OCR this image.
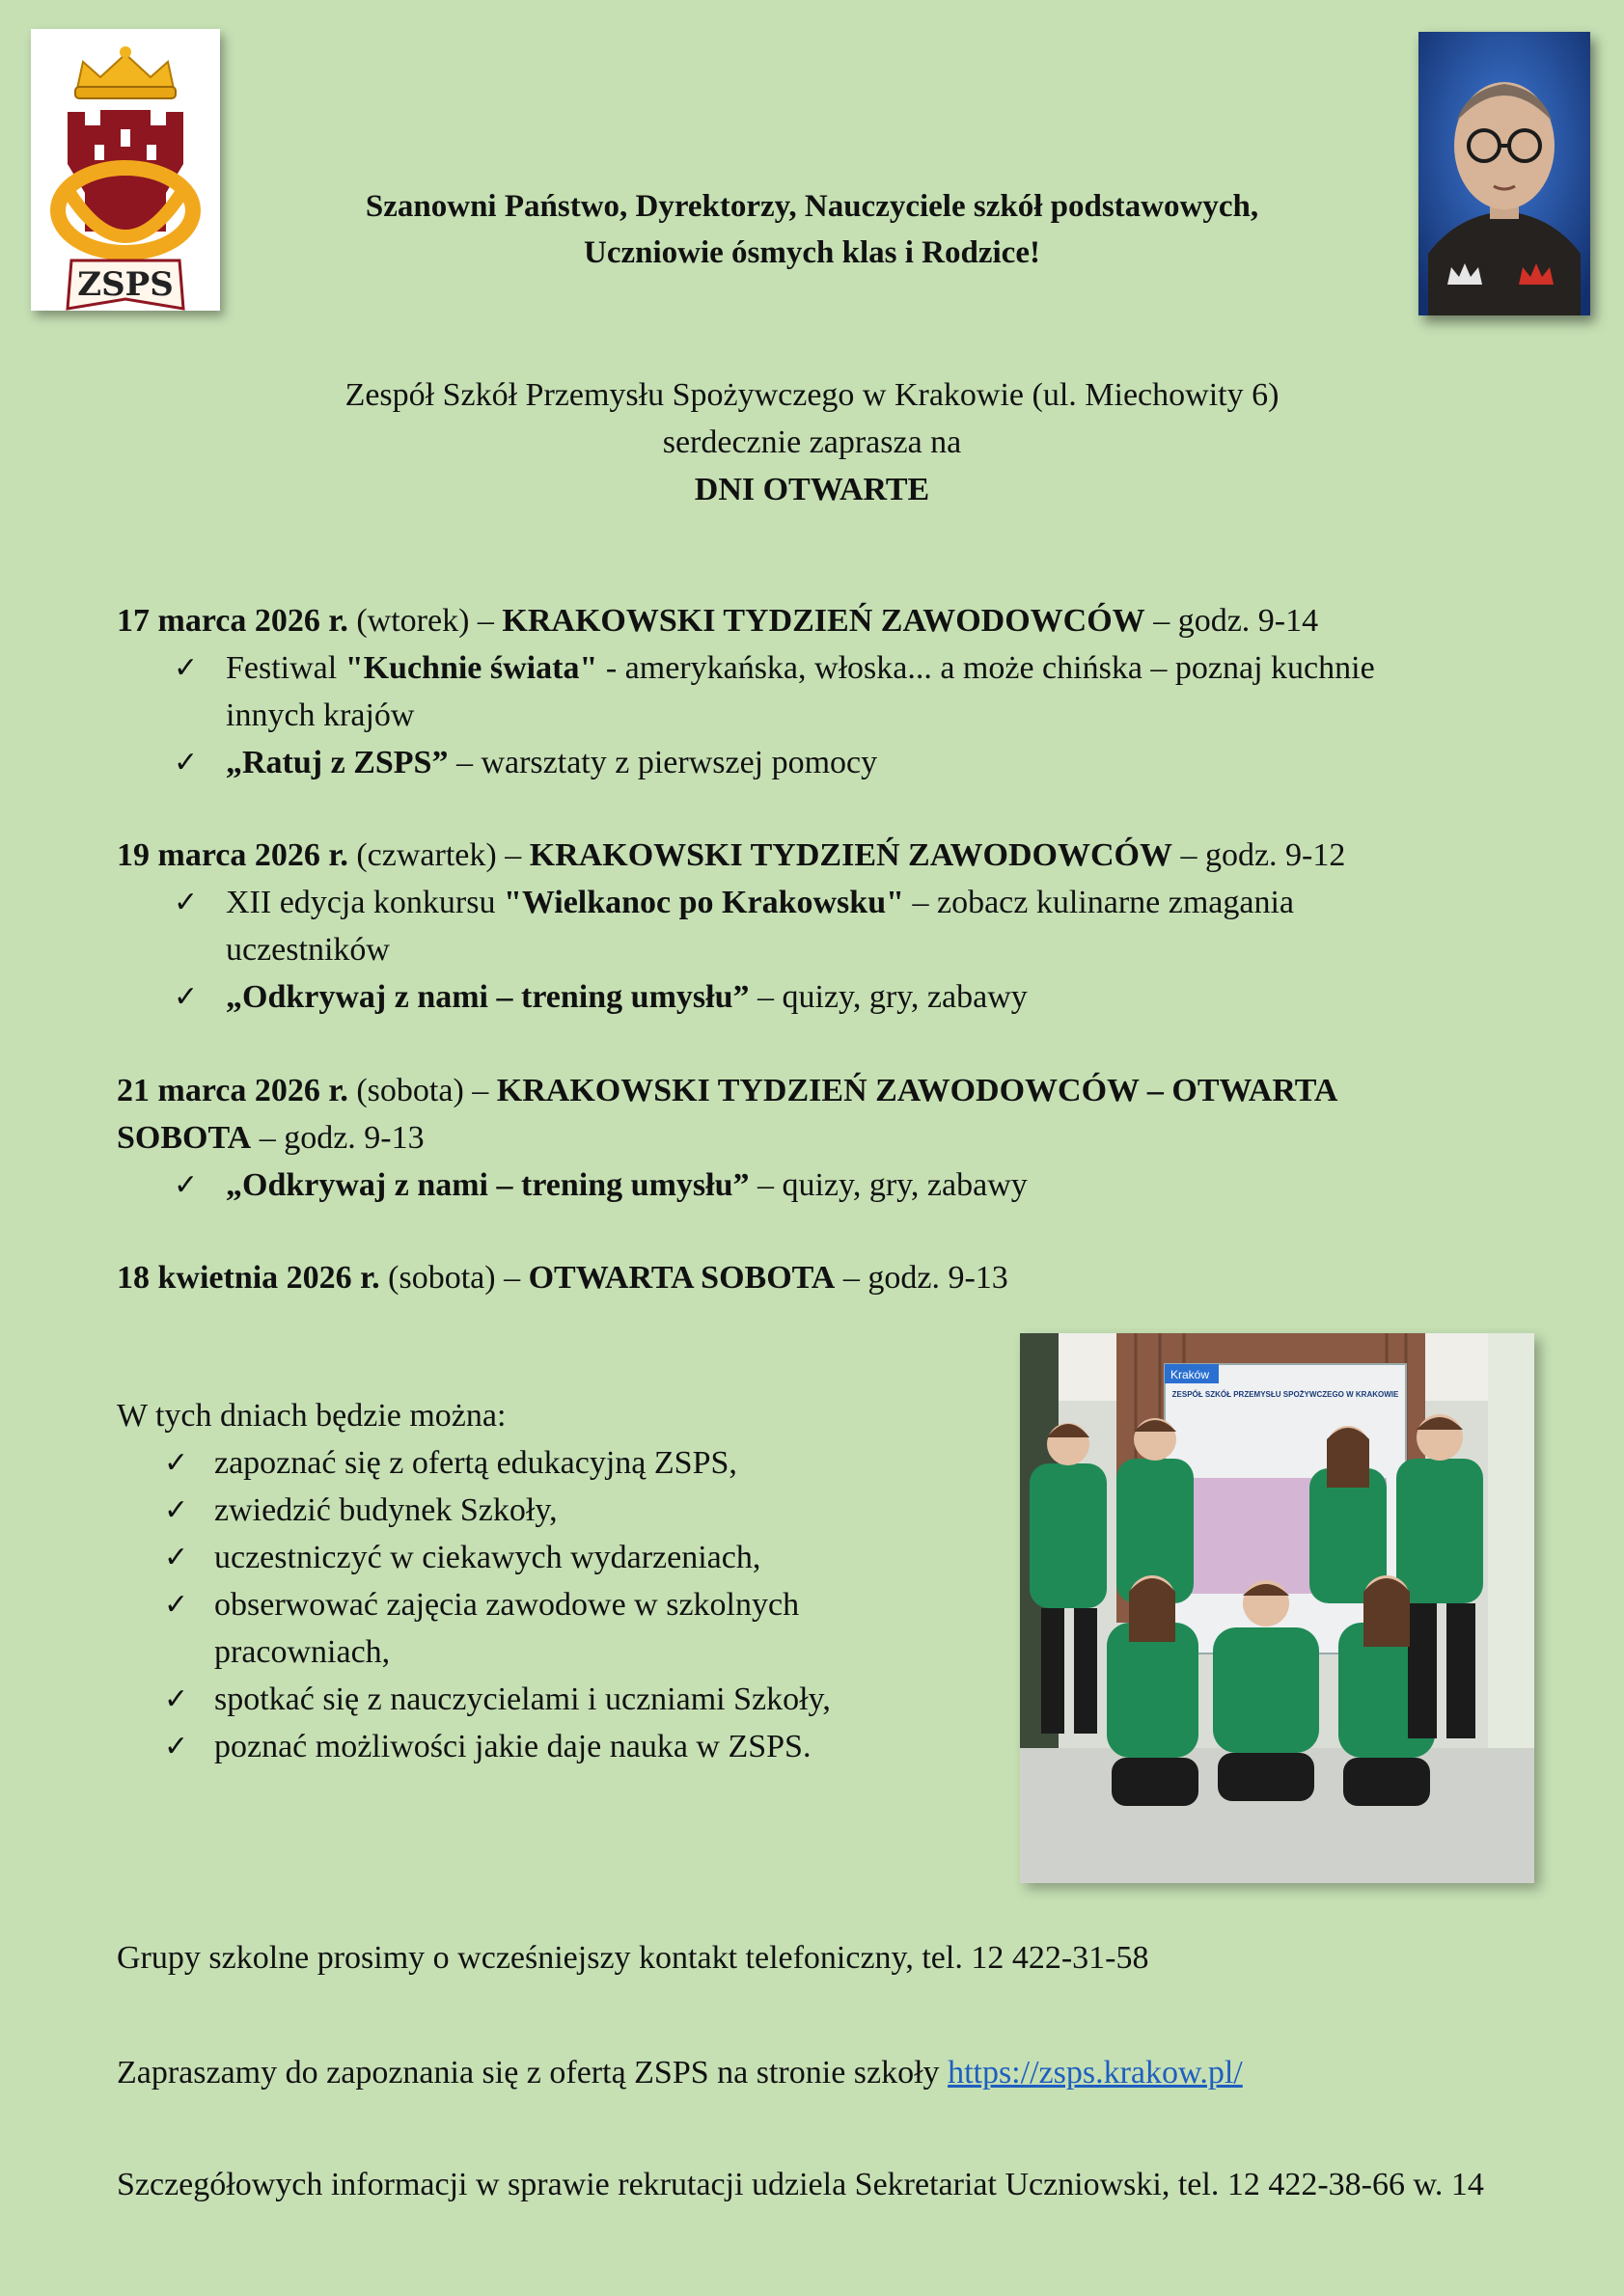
ZSPS
Szanowni Państwo, Dyrektorzy, Nauczyciele szkół podstawowych,
Uczniowie ósmych klas i Rodzice!
Zespół Szkół Przemysłu Spożywczego w Krakowie (ul. Miechowity 6)
serdecznie zaprasza na
DNI OTWARTE
17 marca 2026 r. (wtorek) – KRAKOWSKI TYDZIEŃ ZAWODOWCÓW – godz. 9-14
✓ Festiwal "Kuchnie świata" - amerykańska, włoska... a może chińska – poznaj kuchnie
innych krajów
✓ „Ratuj z ZSPS” – warsztaty z pierwszej pomocy
19 marca 2026 r. (czwartek) – KRAKOWSKI TYDZIEŃ ZAWODOWCÓW – godz. 9-12
✓ XII edycja konkursu "Wielkanoc po Krakowsku" – zobacz kulinarne zmagania
uczestników
✓ „Odkrywaj z nami – trening umysłu” – quizy, gry, zabawy
21 marca 2026 r. (sobota) – KRAKOWSKI TYDZIEŃ ZAWODOWCÓW – OTWARTA
SOBOTA – godz. 9-13
✓ „Odkrywaj z nami – trening umysłu” – quizy, gry, zabawy
18 kwietnia 2026 r. (sobota) – OTWARTA SOBOTA – godz. 9-13
W tych dniach będzie można:
✓ zapoznać się z ofertą edukacyjną ZSPS,
✓ zwiedzić budynek Szkoły,
✓ uczestniczyć w ciekawych wydarzeniach,
✓ obserwować zajęcia zawodowe w szkolnych
pracowniach,
✓ spotkać się z nauczycielami i uczniami Szkoły,
✓ poznać możliwości jakie daje nauka w ZSPS.
Kraków
ZESPÓŁ SZKÓŁ PRZEMYSŁU SPOŻYWCZEGO W KRAKOWIE
Grupy szkolne prosimy o wcześniejszy kontakt telefoniczny, tel. 12 422-31-58
Zapraszamy do zapoznania się z ofertą ZSPS na stronie szkoły https://zsps.krakow.pl/
Szczegółowych informacji w sprawie rekrutacji udziela Sekretariat Uczniowski, tel. 12 422-38-66 w. 14
